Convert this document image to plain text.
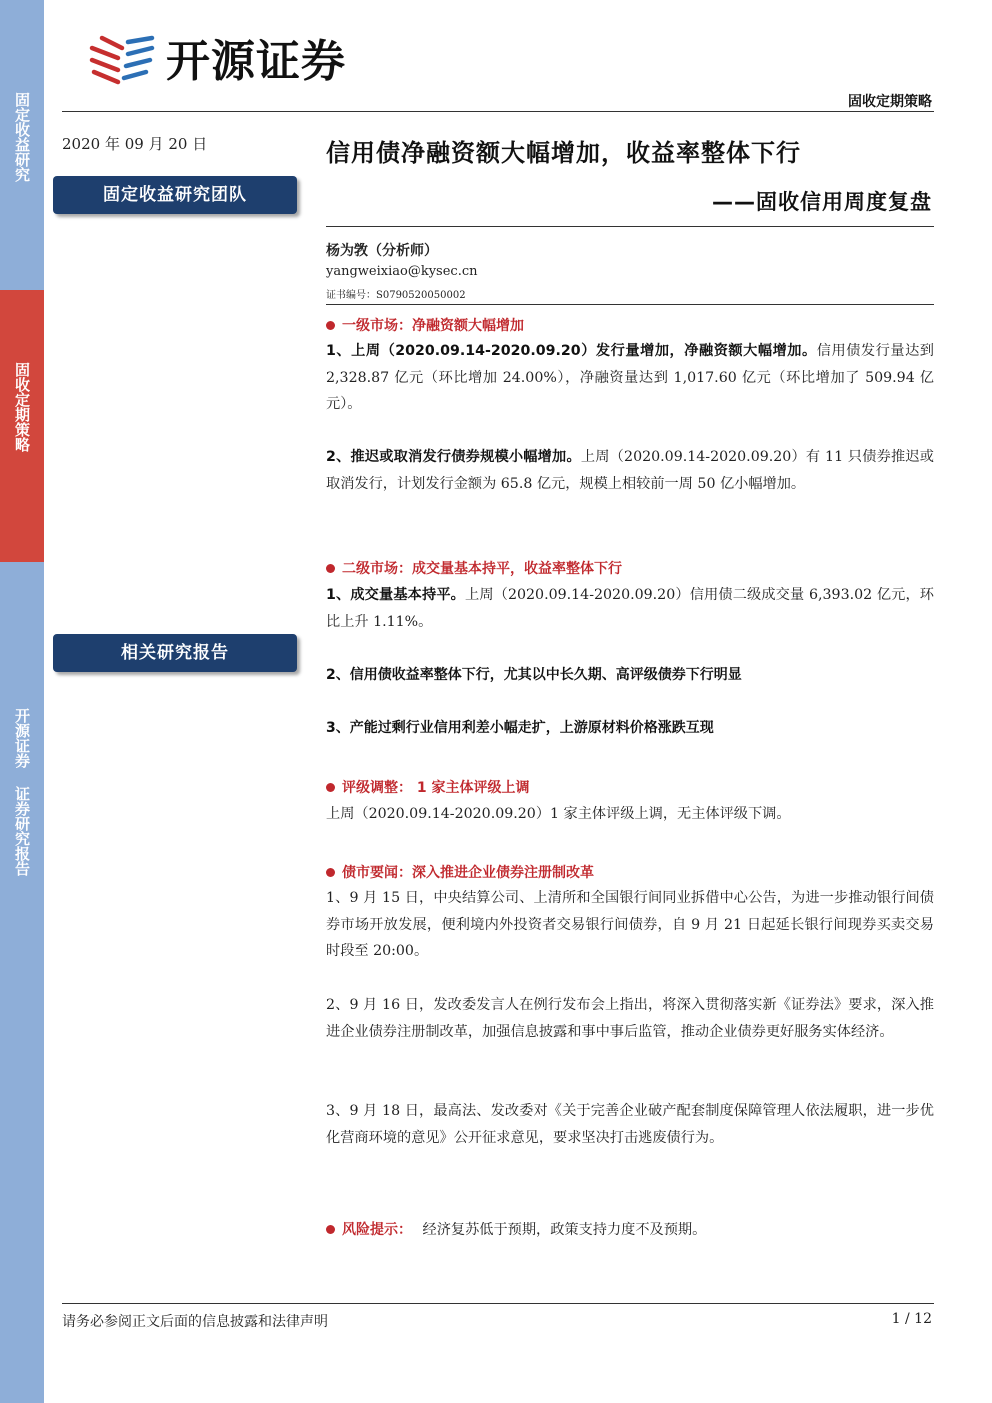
固定收益研究
固收定期策略
开源证券 证券研究报告
开源证券
固收定期策略
2020 年 09 月 20 日
固定收益研究团队
相关研究报告
信用债净融资额大幅增加，收益率整体下行
——固收信用周度复盘
杨为敩（分析师）
yangweixiao@kysec.cn
证书编号：S0790520050002
一级市场：净融资额大幅增加
1、上周（2020.09.14-2020.09.20）发行量增加，净融资额大幅增加。信用债发行量达到 2,328.87 亿元（环比增加 24.00%），净融资量达到 1,017.60 亿元（环比增加了 509.94 亿元）。
2、推迟或取消发行债券规模小幅增加。上周（2020.09.14-2020.09.20）有 11 只债券推迟或取消发行，计划发行金额为 65.8 亿元，规模上相较前一周 50 亿小幅增加。
二级市场：成交量基本持平，收益率整体下行
1、成交量基本持平。上周（2020.09.14-2020.09.20）信用债二级成交量 6,393.02 亿元，环比上升 1.11%。
2、信用债收益率整体下行，尤其以中长久期、高评级债券下行明显
3、产能过剩行业信用利差小幅走扩，上游原材料价格涨跌互现
评级调整： 1 家主体评级上调
上周（2020.09.14-2020.09.20）1 家主体评级上调，无主体评级下调。
债市要闻：深入推进企业债券注册制改革
1、9 月 15 日，中央结算公司、上清所和全国银行间同业拆借中心公告，为进一步推动银行间债券市场开放发展，便利境内外投资者交易银行间债券，自 9 月 21 日起延长银行间现券买卖交易时段至 20:00。
2、9 月 16 日，发改委发言人在例行发布会上指出，将深入贯彻落实新《证券法》要求，深入推进企业债券注册制改革，加强信息披露和事中事后监管，推动企业债券更好服务实体经济。
3、9 月 18 日，最高法、发改委对《关于完善企业破产配套制度保障管理人依法履职，进一步优化营商环境的意见》公开征求意见，要求坚决打击逃废债行为。
风险提示： 经济复苏低于预期，政策支持力度不及预期。
请务必参阅正文后面的信息披露和法律声明	1 / 12
